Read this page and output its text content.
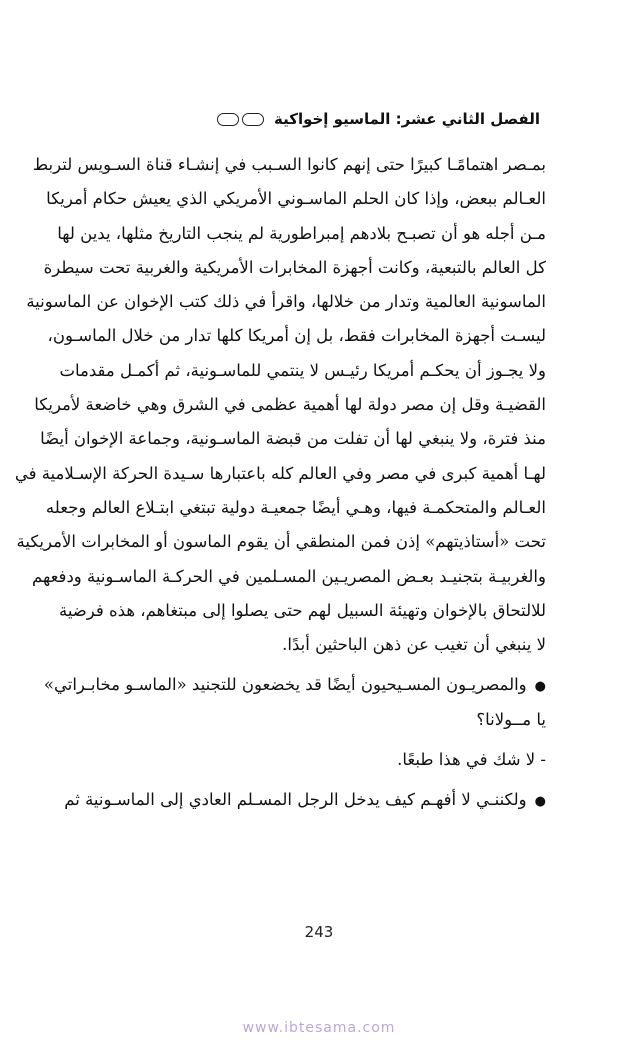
الفصل الثاني عشر: الماسيو إخواكية
بمـصر اهتمامًـا كبيرًا حتى إنهم كانوا السـبب في إنشـاء قناة السـويس لتربط
العـالم ببعض، وإذا كان الحلم الماسـوني الأمريكي الذي يعيش حكام أمريكا
مـن أجله هو أن تصبـح بلادهم إمبراطورية لم ينجب التاريخ مثلها، يدين لها
كل العالم بالتبعية، وكانت أجهزة المخابرات الأمريكية والغربية تحت سيطرة
الماسونية العالمية وتدار من خلالها، واقرأ في ذلك كتب الإخوان عن الماسونية
ليسـت أجهزة المخابرات فقط، بل إن أمريكا كلها تدار من خلال الماسـون،
ولا يجـوز أن يحكـم أمريكا رئيـس لا ينتمي للماسـونية، ثم أكمـل مقدمات
القضيـة وقل إن مصر دولة لها أهمية عظمى في الشرق وهي خاضعة لأمريكا
منذ فترة، ولا ينبغي لها أن تفلت من قبضة الماسـونية، وجماعة الإخوان أيضًا
لهـا أهمية كبرى في مصر وفي العالم كله باعتبارها سـيدة الحركة الإسـلامية في
العـالم والمتحكمـة فيها، وهـي أيضًا جمعيـة دولية تبتغي ابتـلاع العالم وجعله
تحت «أستاذيتهم» إذن فمن المنطقي أن يقوم الماسون أو المخابرات الأمريكية
والغربيـة بتجنيـد بعـض المصريـين المسـلمين في الحركـة الماسـونية ودفعهم
للالتحاق بالإخوان وتهيئة السبيل لهم حتى يصلوا إلى مبتغاهم، هذه فرضية
لا ينبغي أن تغيب عن ذهن الباحثين أبدًا.
●والمصريـون المسـيحيون أيضًا قد يخضعون للتجنيد «الماسـو مخابـراتي»
يا مــولانا؟
- لا شك في هذا طبعًا.
●ولكننـي لا أفهـم كيف يدخل الرجل المسـلم العادي إلى الماسـونية ثم
243
www.ibtesama.com
